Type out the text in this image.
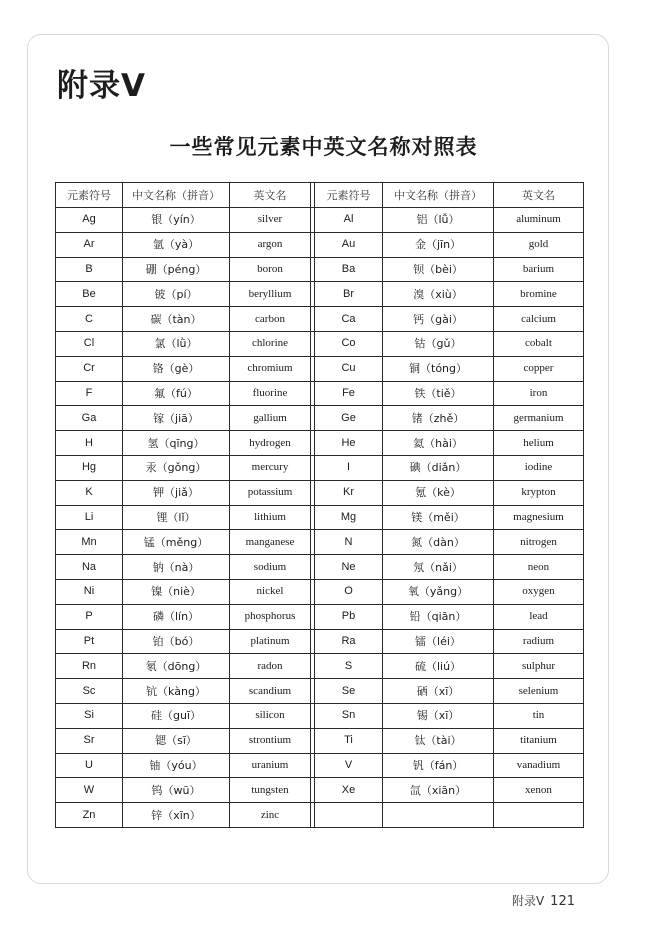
附录Ⅴ
一些常见元素中英文名称对照表
元素符号	中文名称（拼音）	英文名		元素符号	中文名称（拼音）	英文名
Ag	银（yín）	silver		Al	铝（lǚ）	aluminum
Ar	氩（yà）	argon		Au	金（jīn）	gold
B	硼（péng）	boron		Ba	钡（bèi）	barium
Be	铍（pí）	beryllium		Br	溴（xiù）	bromine
C	碳（tàn）	carbon		Ca	钙（gài）	calcium
Cl	氯（lǜ）	chlorine		Co	钴（gǔ）	cobalt
Cr	铬（gè）	chromium		Cu	铜（tóng）	copper
F	氟（fú）	fluorine		Fe	铁（tiě）	iron
Ga	镓（jiā）	gallium		Ge	锗（zhě）	germanium
H	氢（qīng）	hydrogen		He	氦（hài）	helium
Hg	汞（gǒng）	mercury		I	碘（diǎn）	iodine
K	钾（jiǎ）	potassium		Kr	氪（kè）	krypton
Li	锂（lǐ）	lithium		Mg	镁（měi）	magnesium
Mn	锰（měng）	manganese		N	氮（dàn）	nitrogen
Na	钠（nà）	sodium		Ne	氖（nǎi）	neon
Ni	镍（niè）	nickel		O	氧（yǎng）	oxygen
P	磷（lín）	phosphorus		Pb	铅（qiān）	lead
Pt	铂（bó）	platinum		Ra	镭（léi）	radium
Rn	氡（dōng）	radon		S	硫（liú）	sulphur
Sc	钪（kàng）	scandium		Se	硒（xī）	selenium
Si	硅（guī）	silicon		Sn	锡（xī）	tin
Sr	锶（sī）	strontium		Ti	钛（tài）	titanium
U	铀（yóu）	uranium		V	钒（fán）	vanadium
W	钨（wū）	tungsten		Xe	氙（xiān）	xenon
Zn	锌（xīn）	zinc				
附录Ⅴ 121
